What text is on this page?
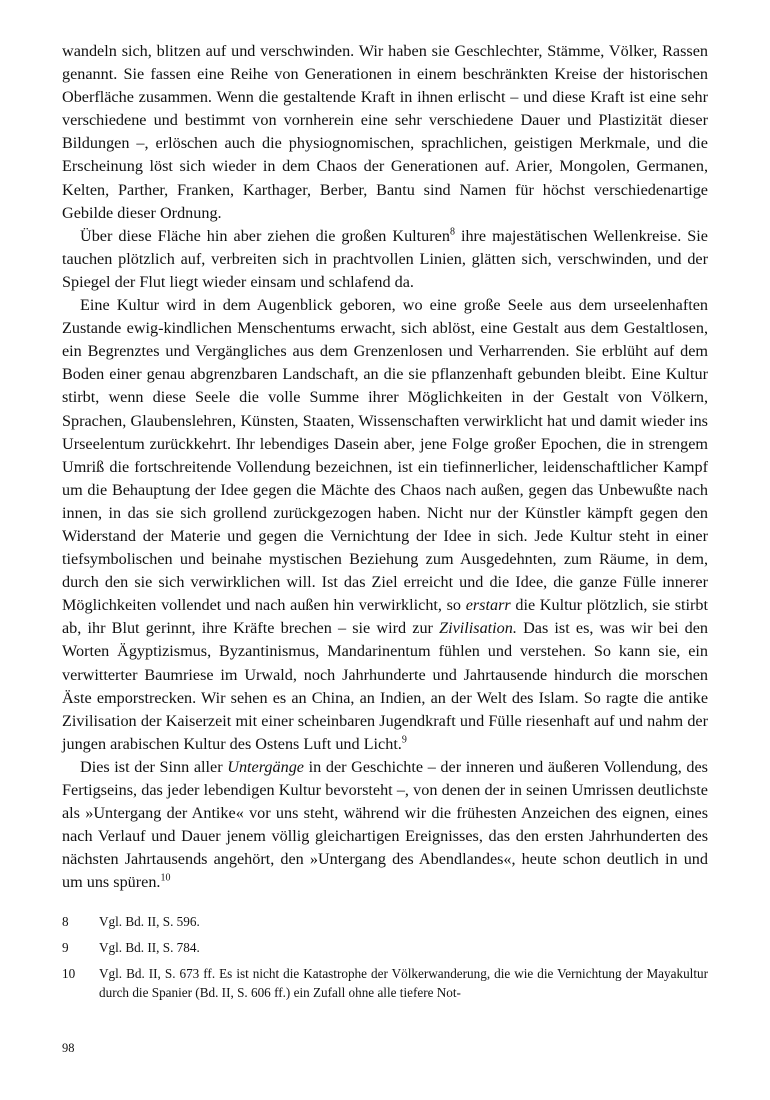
wandeln sich, blitzen auf und verschwinden. Wir haben sie Geschlechter, Stämme, Völker, Rassen genannt. Sie fassen eine Reihe von Generationen in einem beschränkten Kreise der historischen Oberfläche zusammen. Wenn die gestaltende Kraft in ihnen erlischt – und diese Kraft ist eine sehr verschiedene und bestimmt von vornherein eine sehr verschiedene Dauer und Plastizität dieser Bildungen –, erlöschen auch die physiognomischen, sprachlichen, geistigen Merkmale, und die Erscheinung löst sich wieder in dem Chaos der Generationen auf. Arier, Mongolen, Germanen, Kelten, Parther, Franken, Karthager, Berber, Bantu sind Namen für höchst verschiedenartige Gebilde dieser Ordnung.

Über diese Fläche hin aber ziehen die großen Kulturen$^8$ ihre majestätischen Wellenkreise. Sie tauchen plötzlich auf, verbreiten sich in prachtvollen Linien, glätten sich, verschwinden, und der Spiegel der Flut liegt wieder einsam und schlafend da.

Eine Kultur wird in dem Augenblick geboren, wo eine große Seele aus dem urseelenhaften Zustande ewig-kindlichen Menschentums erwacht, sich ablöst, eine Gestalt aus dem Gestaltlosen, ein Begrenztes und Vergängliches aus dem Grenzenlosen und Verharrenden. Sie erblüht auf dem Boden einer genau abgrenzbaren Landschaft, an die sie pflanzenhaft gebunden bleibt. Eine Kultur stirbt, wenn diese Seele die volle Summe ihrer Möglichkeiten in der Gestalt von Völkern, Sprachen, Glaubenslehren, Künsten, Staaten, Wissenschaften verwirklicht hat und damit wieder ins Urseelentum zurückkehrt. Ihr lebendiges Dasein aber, jene Folge großer Epochen, die in strengem Umriß die fortschreitende Vollendung bezeichnen, ist ein tiefinnerlicher, leidenschaftlicher Kampf um die Behauptung der Idee gegen die Mächte des Chaos nach außen, gegen das Unbewußte nach innen, in das sie sich grollend zurückgezogen haben. Nicht nur der Künstler kämpft gegen den Widerstand der Materie und gegen die Vernichtung der Idee in sich. Jede Kultur steht in einer tiefsymbolischen und beinahe mystischen Beziehung zum Ausgedehnten, zum Räume, in dem, durch den sie sich verwirklichen will. Ist das Ziel erreicht und die Idee, die ganze Fülle innerer Möglichkeiten vollendet und nach außen hin verwirklicht, so erstarr die Kultur plötzlich, sie stirbt ab, ihr Blut gerinnt, ihre Kräfte brechen – sie wird zur Zivilisation. Das ist es, was wir bei den Worten Ägyptizismus, Byzantinismus, Mandarinentum fühlen und verstehen. So kann sie, ein verwitterter Baumriese im Urwald, noch Jahrhunderte und Jahrtausende hindurch die morschen Äste emporstrecken. Wir sehen es an China, an Indien, an der Welt des Islam. So ragte die antike Zivilisation der Kaiserzeit mit einer scheinbaren Jugendkraft und Fülle riesenhaft auf und nahm der jungen arabischen Kultur des Ostens Luft und Licht.$^9$

Dies ist der Sinn aller Untergänge in der Geschichte – der inneren und äußeren Vollendung, des Fertigseins, das jeder lebendigen Kultur bevorsteht –, von denen der in seinen Umrissen deutlichste als »Untergang der Antike« vor uns steht, während wir die frühesten Anzeichen des eignen, eines nach Verlauf und Dauer jenem völlig gleichartigen Ereignisses, das den ersten Jahrhunderten des nächsten Jahrtausends angehört, den »Untergang des Abendlandes«, heute schon deutlich in und um uns spüren.$^{10}$

8	Vgl. Bd. II, S. 596.
9	Vgl. Bd. II, S. 784.
10	Vgl. Bd. II, S. 673 ff. Es ist nicht die Katastrophe der Völkerwanderung, die wie die Vernichtung der Mayakultur durch die Spanier (Bd. II, S. 606 ff.) ein Zufall ohne alle tiefere Not-
98
